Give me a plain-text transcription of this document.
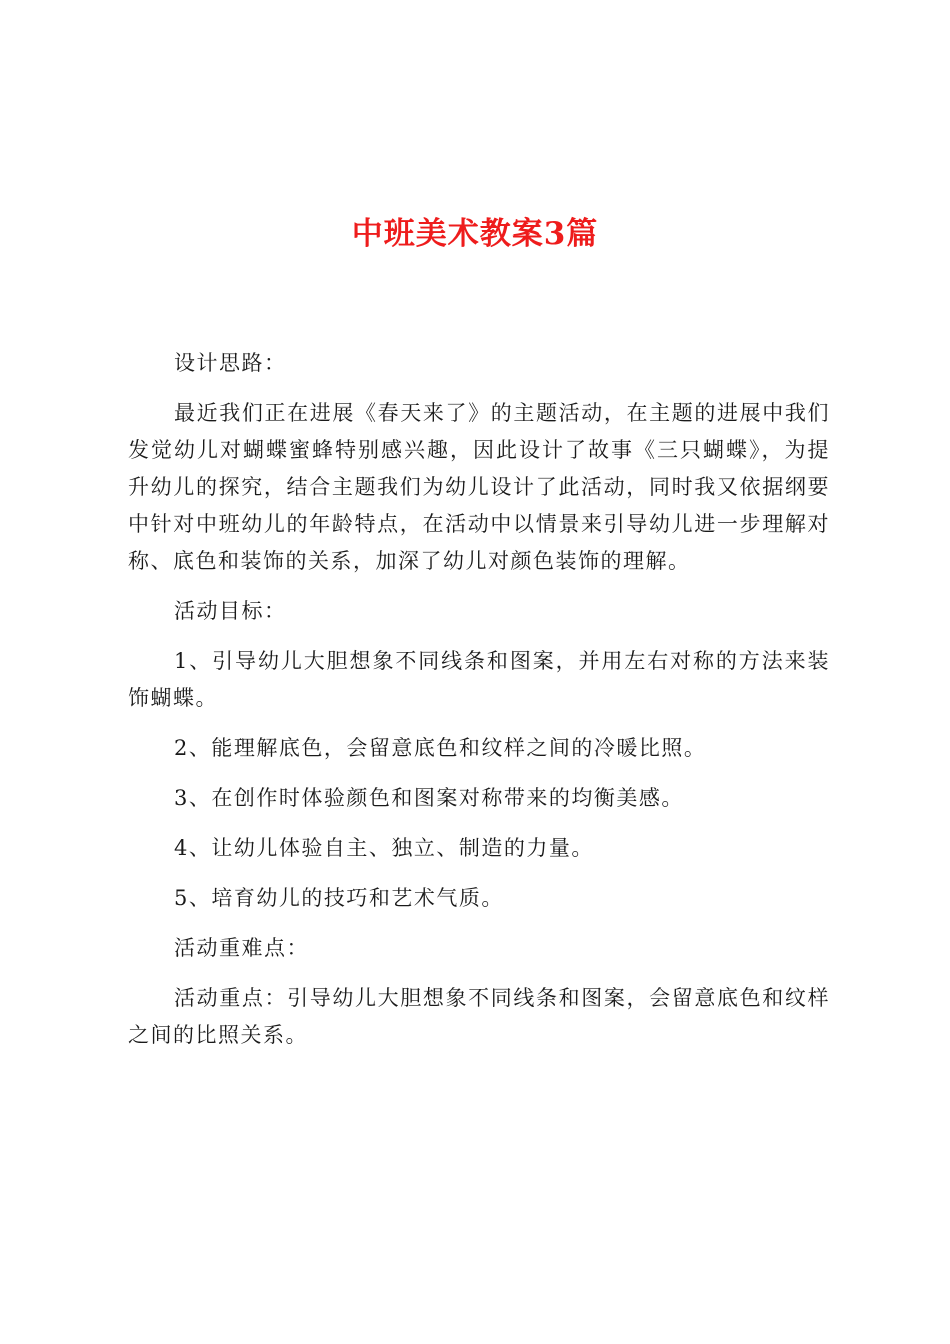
中班美术教案3篇

设计思路：

最近我们正在进展《春天来了》的主题活动，在主题的进展中我们发觉幼儿对蝴蝶蜜蜂特别感兴趣，因此设计了故事《三只蝴蝶》，为提升幼儿的探究，结合主题我们为幼儿设计了此活动，同时我又依据纲要中针对中班幼儿的年龄特点，在活动中以情景来引导幼儿进一步理解对称、底色和装饰的关系，加深了幼儿对颜色装饰的理解。

活动目标：

1、引导幼儿大胆想象不同线条和图案，并用左右对称的方法来装饰蝴蝶。

2、能理解底色，会留意底色和纹样之间的冷暖比照。

3、在创作时体验颜色和图案对称带来的均衡美感。

4、让幼儿体验自主、独立、制造的力量。

5、培育幼儿的技巧和艺术气质。

活动重难点：

活动重点：引导幼儿大胆想象不同线条和图案，会留意底色和纹样之间的比照关系。
